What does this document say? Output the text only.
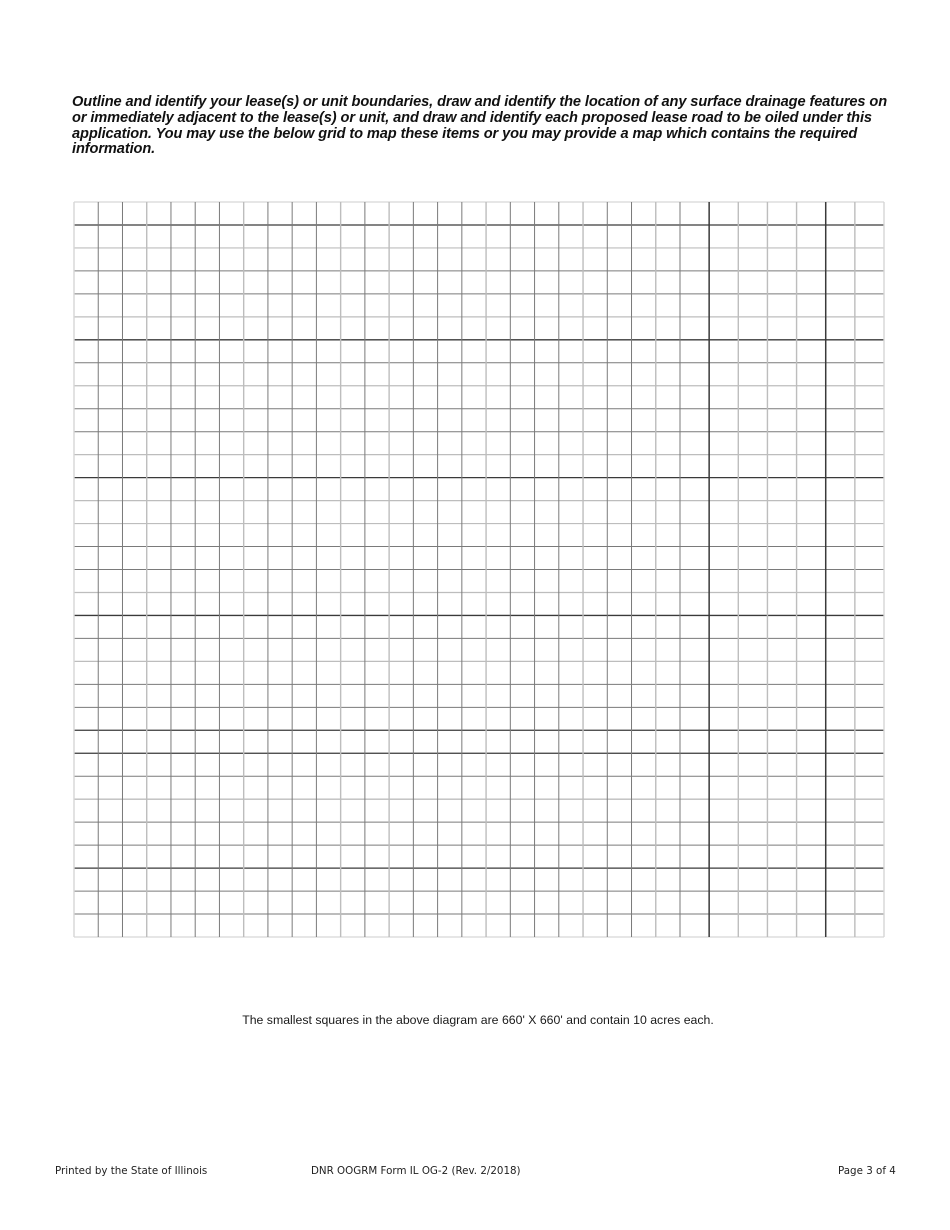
Outline and identify your lease(s) or unit boundaries, draw and identify the location of any surface drainage features on or immediately adjacent to the lease(s) or unit, and draw and identify each proposed lease road to be oiled under this application. You may use the below grid to map these items or you may provide a map which contains the required information.
The smallest squares in the above diagram are 660' X 660' and contain 10 acres each.
Printed by the State of Illinois	DNR OOGRM Form IL OG-2 (Rev. 2/2018)	Page 3 of 4
